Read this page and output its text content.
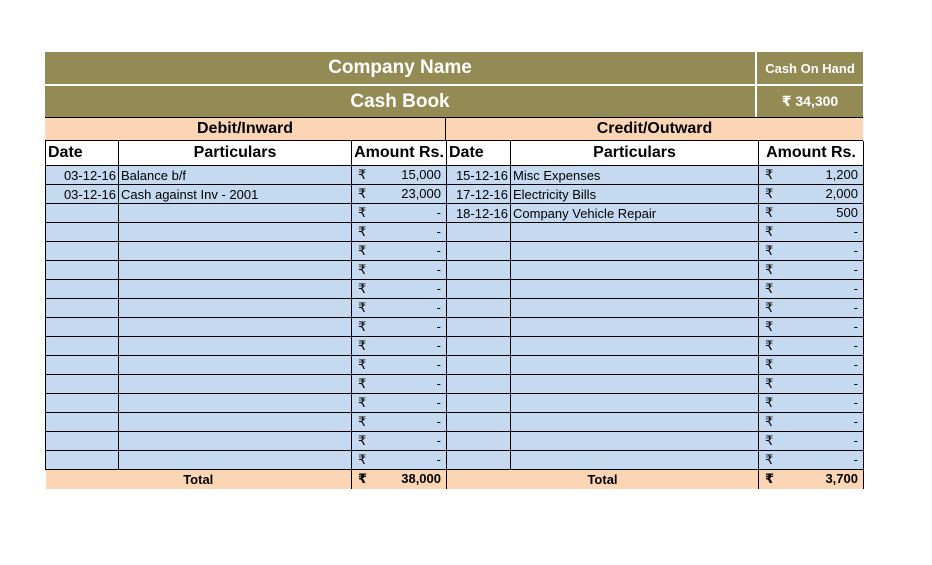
Company Name	Cash On Hand
Cash Book	₹ 34,300
Debit/Inward	Credit/Outward
Date	Particulars	Amount Rs.	Date	Particulars	Amount Rs.
03-12-16	Balance b/f	₹ 15,000	15-12-16	Misc Expenses	₹ 1,200

03-12-16	Cash against Inv - 2001	₹ 23,000	17-12-16	Electricity Bills	₹ 2,000

		₹ -	18-12-16	Company Vehicle Repair	₹ 500

		₹ -			₹ -

		₹ -			₹ -

		₹ -			₹ -

		₹ -			₹ -

		₹ -			₹ -

		₹ -			₹ -

		₹ -			₹ -

		₹ -			₹ -

		₹ -			₹ -

		₹ -			₹ -

		₹ -			₹ -

		₹ -			₹ -

		₹ -			₹ -

Total		₹ 38,000	Total		₹ 3,700
